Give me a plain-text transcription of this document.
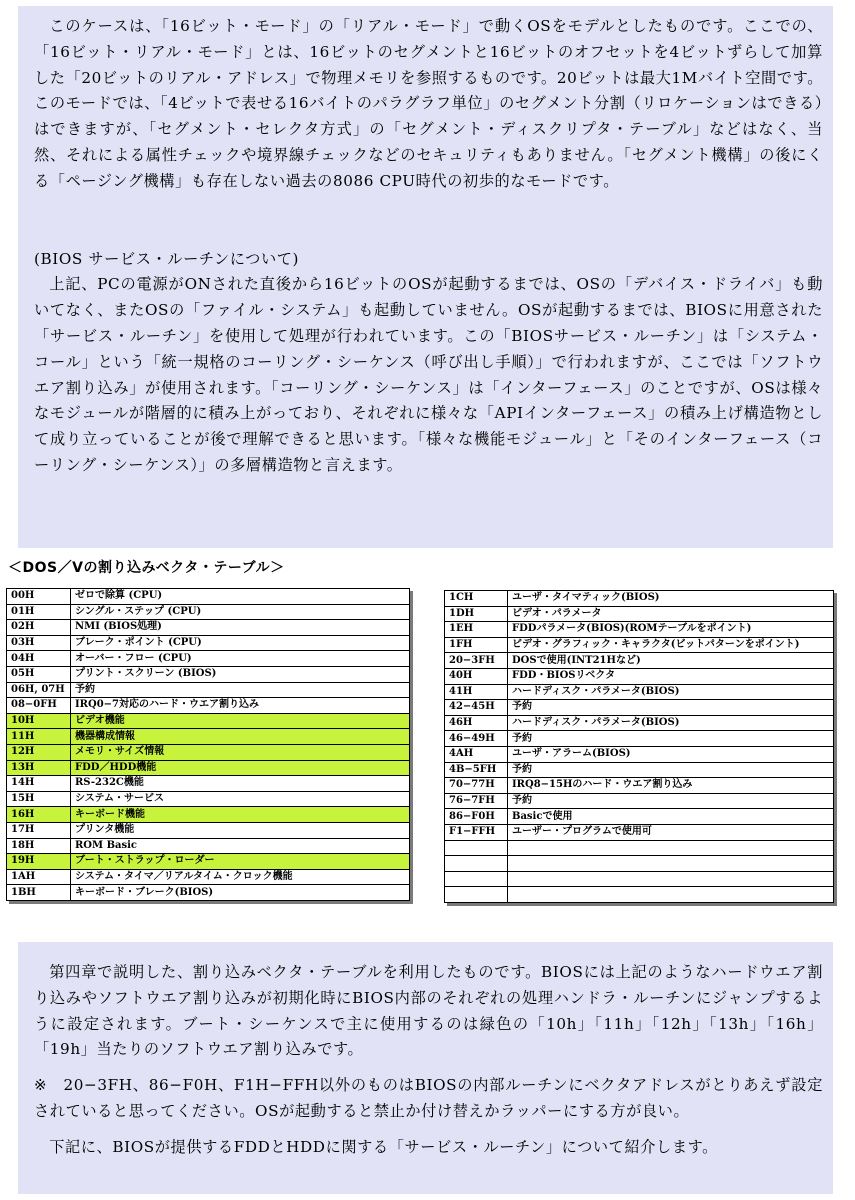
このケースは、「16ビット・モード」の「リアル・モード」で動くOSをモデルとしたものです。ここでの、「16ビット・リアル・モード」とは、16ビットのセグメントと16ビットのオフセットを4ビットずらして加算した「20ビットのリアル・アドレス」で物理メモリを参照するものです。20ビットは最大1Mバイト空間です。このモードでは、「4ビットで表せる16バイトのパラグラフ単位」のセグメント分割（リロケーションはできる）はできますが、「セグメント・セレクタ方式」の「セグメント・ディスクリプタ・テーブル」などはなく、当然、それによる属性チェックや境界線チェックなどのセキュリティもありません。「セグメント機構」の後にくる「ページング機構」も存在しない過去の8086 CPU時代の初歩的なモードです。

(BIOS サービス・ルーチンについて)

上記、PCの電源がONされた直後から16ビットのOSが起動するまでは、OSの「デバイス・ドライバ」も動いてなく、またOSの「ファイル・システム」も起動していません。OSが起動するまでは、BIOSに用意された「サービス・ルーチン」を使用して処理が行われています。この「BIOSサービス・ルーチン」は「システム・コール」という「統一規格のコーリング・シーケンス（呼び出し手順）」で行われますが、ここでは「ソフトウエア割り込み」が使用されます。「コーリング・シーケンス」は「インターフェース」のことですが、OSは様々なモジュールが階層的に積み上がっており、それぞれに様々な「APIインターフェース」の積み上げ構造物として成り立っていることが後で理解できると思います。「様々な機能モジュール」と「そのインターフェース（コーリング・シーケンス）」の多層構造物と言えます。

＜DOS／Vの割り込みベクタ・テーブル＞
00H	ゼロで除算 (CPU)
01H	シングル・ステップ (CPU)
02H	NMI (BIOS処理)
03H	ブレーク・ポイント (CPU)
04H	オーバー・フロー (CPU)
05H	プリント・スクリーン (BIOS)
06H, 07H	予約
08−0FH	IRQ0−7対応のハード・ウエア割り込み
10H	ビデオ機能
11H	機器構成情報
12H	メモリ・サイズ情報
13H	FDD／HDD機能
14H	RS-232C機能
15H	システム・サービス
16H	キーボード機能
17H	プリンタ機能
18H	ROM Basic
19H	ブート・ストラップ・ローダー
1AH	システム・タイマ／リアルタイム・クロック機能
1BH	キーボード・ブレーク(BIOS)
1CH	ユーザ・タイマティック(BIOS)
1DH	ビデオ・パラメータ
1EH	FDDパラメータ(BIOS)(ROMテーブルをポイント)
1FH	ビデオ・グラフィック・キャラクタ(ビットパターンをポイント)
20−3FH	DOSで使用(INT21Hなど)
40H	FDD・BIOSリベクタ
41H	ハードディスク・パラメータ(BIOS)
42−45H	予約
46H	ハードディスク・パラメータ(BIOS)
46−49H	予約
4AH	ユーザ・アラーム(BIOS)
4B−5FH	予約
70−77H	IRQ8−15Hのハード・ウエア割り込み
76−7FH	予約
86−F0H	Basicで使用
F1−FFH	ユーザー・プログラムで使用可

第四章で説明した、割り込みベクタ・テーブルを利用したものです。BIOSには上記のようなハードウエア割り込みやソフトウエア割り込みが初期化時にBIOS内部のそれぞれの処理ハンドラ・ルーチンにジャンプするように設定されます。ブート・シーケンスで主に使用するのは緑色の「10h」「11h」「12h」「13h」「16h」「19h」当たりのソフトウエア割り込みです。

※　20−3FH、86−F0H、F1H−FFH以外のものはBIOSの内部ルーチンにベクタアドレスがとりあえず設定されていると思ってください。OSが起動すると禁止か付け替えかラッパーにする方が良い。

下記に、BIOSが提供するFDDとHDDに関する「サービス・ルーチン」について紹介します。
